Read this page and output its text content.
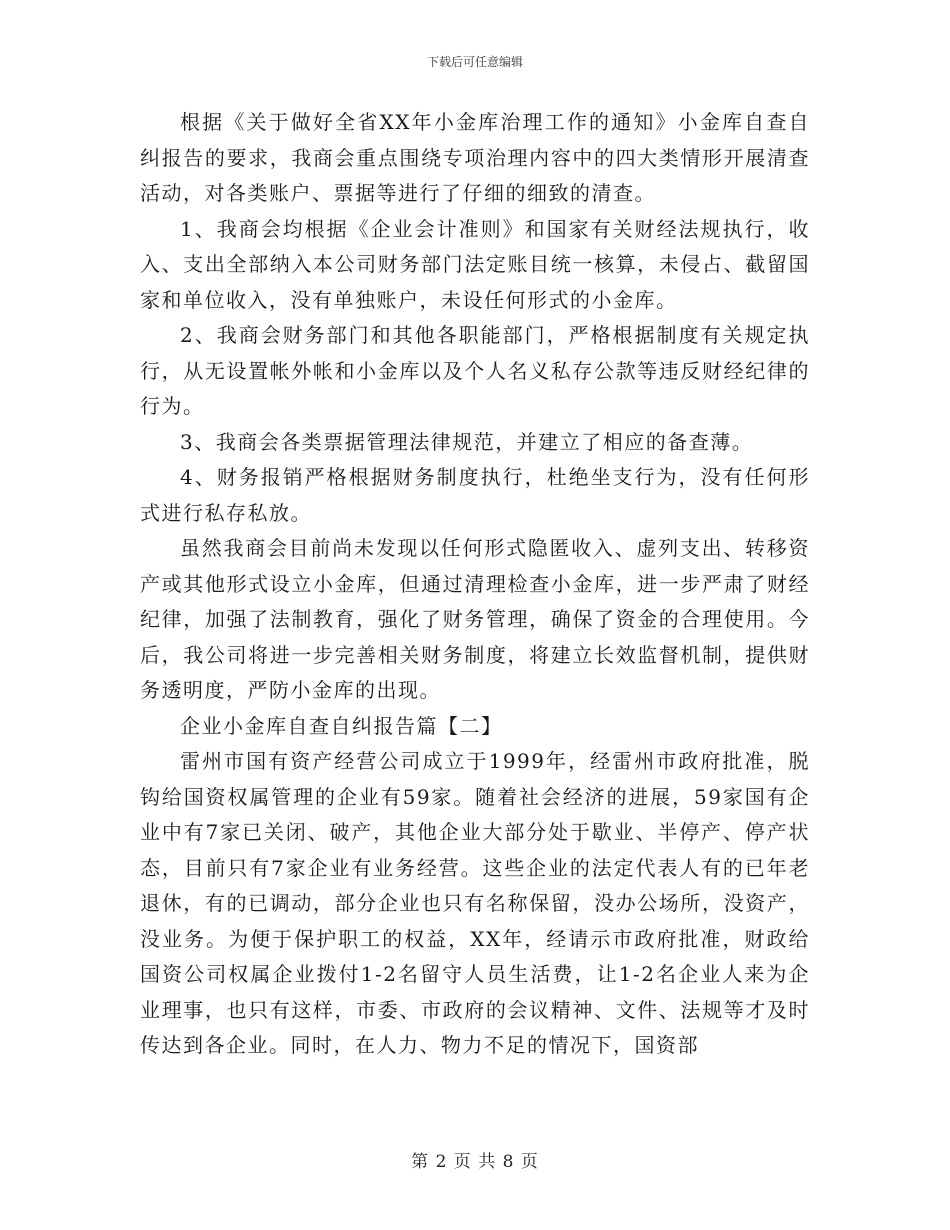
下载后可任意编辑

根据《关于做好全省XX年小金库治理工作的通知》小金库自查自纠报告的要求，我商会重点围绕专项治理内容中的四大类情形开展清查活动，对各类账户、票据等进行了仔细的细致的清查。

1、我商会均根据《企业会计准则》和国家有关财经法规执行，收入、支出全部纳入本公司财务部门法定账目统一核算，未侵占、截留国家和单位收入，没有单独账户，未设任何形式的小金库。

2、我商会财务部门和其他各职能部门，严格根据制度有关规定执行，从无设置帐外帐和小金库以及个人名义私存公款等违反财经纪律的行为。

3、我商会各类票据管理法律规范，并建立了相应的备查薄。

4、财务报销严格根据财务制度执行，杜绝坐支行为，没有任何形式进行私存私放。

虽然我商会目前尚未发现以任何形式隐匿收入、虚列支出、转移资产或其他形式设立小金库，但通过清理检查小金库，进一步严肃了财经纪律，加强了法制教育，强化了财务管理，确保了资金的合理使用。今后，我公司将进一步完善相关财务制度，将建立长效监督机制，提供财务透明度，严防小金库的出现。

企业小金库自查自纠报告篇【二】

雷州市国有资产经营公司成立于1999年，经雷州市政府批准，脱钩给国资权属管理的企业有59家。随着社会经济的进展，59家国有企业中有7家已关闭、破产，其他企业大部分处于歇业、半停产、停产状态，目前只有7家企业有业务经营。这些企业的法定代表人有的已年老退休，有的已调动，部分企业也只有名称保留，没办公场所，没资产，没业务。为便于保护职工的权益，XX年，经请示市政府批准，财政给国资公司权属企业拨付1-2名留守人员生活费，让1-2名企业人来为企业理事，也只有这样，市委、市政府的会议精神、文件、法规等才及时传达到各企业。同时，在人力、物力不足的情况下，国资部

第 2 页 共 8 页
